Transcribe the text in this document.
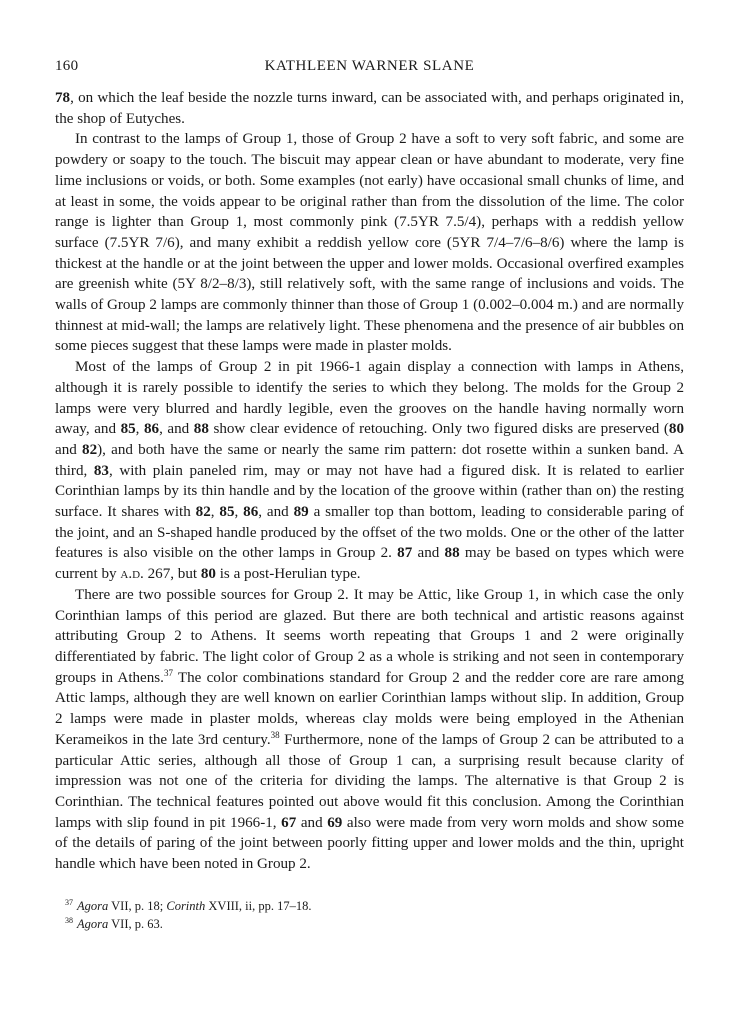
160	KATHLEEN WARNER SLANE

78, on which the leaf beside the nozzle turns inward, can be associated with, and perhaps originated in, the shop of Eutyches.

In contrast to the lamps of Group 1, those of Group 2 have a soft to very soft fabric, and some are powdery or soapy to the touch. The biscuit may appear clean or have abundant to moderate, very fine lime inclusions or voids, or both. Some examples (not early) have occasional small chunks of lime, and at least in some, the voids appear to be original rather than from the dissolution of the lime. The color range is lighter than Group 1, most commonly pink (7.5YR 7.5/4), perhaps with a reddish yellow surface (7.5YR 7/6), and many exhibit a reddish yellow core (5YR 7/4–7/6–8/6) where the lamp is thickest at the handle or at the joint between the upper and lower molds. Occasional overfired examples are greenish white (5Y 8/2–8/3), still relatively soft, with the same range of inclusions and voids. The walls of Group 2 lamps are commonly thinner than those of Group 1 (0.002–0.004 m.) and are normally thinnest at mid-wall; the lamps are relatively light. These phenomena and the presence of air bubbles on some pieces suggest that these lamps were made in plaster molds.

Most of the lamps of Group 2 in pit 1966-1 again display a connection with lamps in Athens, although it is rarely possible to identify the series to which they belong. The molds for the Group 2 lamps were very blurred and hardly legible, even the grooves on the handle having normally worn away, and 85, 86, and 88 show clear evidence of retouching. Only two figured disks are preserved (80 and 82), and both have the same or nearly the same rim pattern: dot rosette within a sunken band. A third, 83, with plain paneled rim, may or may not have had a figured disk. It is related to earlier Corinthian lamps by its thin handle and by the location of the groove within (rather than on) the resting surface. It shares with 82, 85, 86, and 89 a smaller top than bottom, leading to considerable paring of the joint, and an S-shaped handle produced by the offset of the two molds. One or the other of the latter features is also visible on the other lamps in Group 2. 87 and 88 may be based on types which were current by a.d. 267, but 80 is a post-Herulian type.

There are two possible sources for Group 2. It may be Attic, like Group 1, in which case the only Corinthian lamps of this period are glazed. But there are both technical and artistic reasons against attributing Group 2 to Athens. It seems worth repeating that Groups 1 and 2 were originally differentiated by fabric. The light color of Group 2 as a whole is striking and not seen in contemporary groups in Athens.$^{37}$ The color combinations standard for Group 2 and the redder core are rare among Attic lamps, although they are well known on earlier Corinthian lamps without slip. In addition, Group 2 lamps were made in plaster molds, whereas clay molds were being employed in the Athenian Kerameikos in the late 3rd century.$^{38}$ Furthermore, none of the lamps of Group 2 can be attributed to a particular Attic series, although all those of Group 1 can, a surprising result because clarity of impression was not one of the criteria for dividing the lamps. The alternative is that Group 2 is Corinthian. The technical features pointed out above would fit this conclusion. Among the Corinthian lamps with slip found in pit 1966-1, 67 and 69 also were made from very worn molds and show some of the details of paring of the joint between poorly fitting upper and lower molds and the thin, upright handle which have been noted in Group 2.

$^{37}$ Agora VII, p. 18; Corinth XVIII, ii, pp. 17–18.
$^{38}$ Agora VII, p. 63.
